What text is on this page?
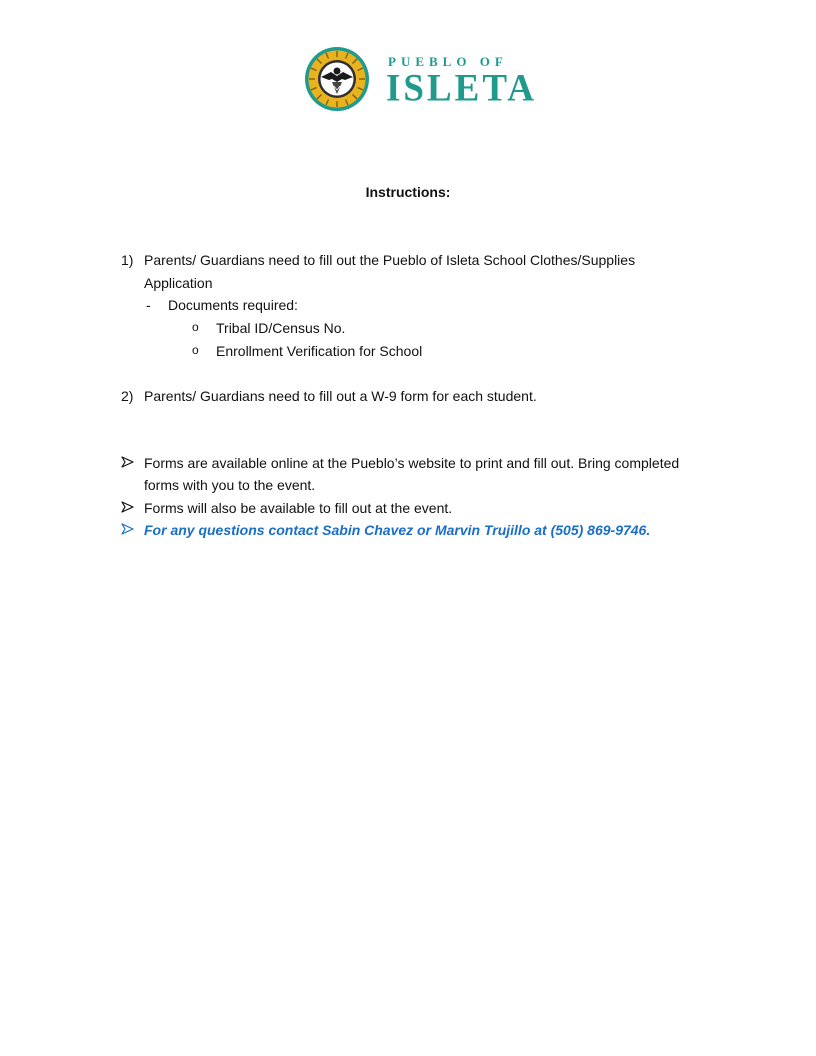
PUEBLO OF
ISLETA
Instructions:
1) Parents/ Guardians need to fill out the Pueblo of Isleta School Clothes/Supplies
Application
- Documents required:
o Tribal ID/Census No.
o Enrollment Verification for School
2) Parents/ Guardians need to fill out a W-9 form for each student.
Forms are available online at the Pueblo’s website to print and fill out. Bring completed
forms with you to the event.
Forms will also be available to fill out at the event.
For any questions contact Sabin Chavez or Marvin Trujillo at (505) 869-9746.
